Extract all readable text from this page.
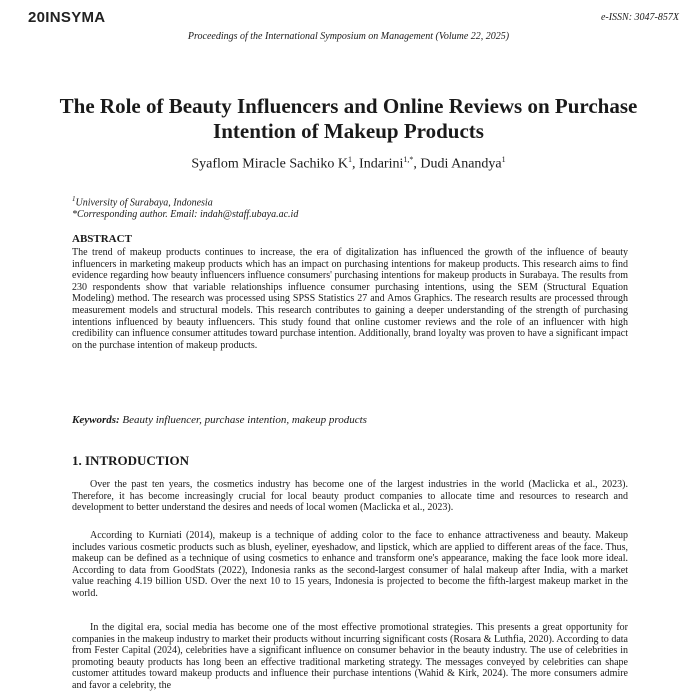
20INSYMA	e-ISSN: 3047-857X
Proceedings of the International Symposium on Management (Volume 22, 2025)
The Role of Beauty Influencers and Online Reviews on Purchase Intention of Makeup Products
Syaflom Miracle Sachiko $K^1$, Indarini$^{1,*}$, Dudi Anandya$^1$
$^1$University of Surabaya, Indonesia
*Corresponding author. Email: indah@staff.ubaya.ac.id
ABSTRACT
The trend of makeup products continues to increase, the era of digitalization has influenced the growth of the influence of beauty influencers in marketing makeup products which has an impact on purchasing intentions for makeup products. This research aims to find evidence regarding how beauty influencers influence consumers' purchasing intentions for makeup products in Surabaya. The results from 230 respondents show that variable relationships influence consumer purchasing intentions, using the SEM (Structural Equation Modeling) method. The research was processed using SPSS Statistics 27 and Amos Graphics. The research results are processed through measurement models and structural models. This research contributes to gaining a deeper understanding of the strength of purchasing intentions influenced by beauty influencers. This study found that online customer reviews and the role of an influencer with high credibility can influence consumer attitudes toward purchase intention. Additionally, brand loyalty was proven to have a significant impact on the purchase intention of makeup products.
Keywords: Beauty influencer, purchase intention, makeup products
1. INTRODUCTION
Over the past ten years, the cosmetics industry has become one of the largest industries in the world (Maclicka et al., 2023). Therefore, it has become increasingly crucial for local beauty product companies to allocate time and resources to research and development to better understand the desires and needs of local women (Maclicka et al., 2023).
According to Kurniati (2014), makeup is a technique of adding color to the face to enhance attractiveness and beauty. Makeup includes various cosmetic products such as blush, eyeliner, eyeshadow, and lipstick, which are applied to different areas of the face. Thus, makeup can be defined as a technique of using cosmetics to enhance and transform one's appearance, making the face look more ideal. According to data from GoodStats (2022), Indonesia ranks as the second-largest consumer of halal makeup after India, with a market value reaching 4.19 billion USD. Over the next 10 to 15 years, Indonesia is projected to become the fifth-largest makeup market in the world.
In the digital era, social media has become one of the most effective promotional strategies. This presents a great opportunity for companies in the makeup industry to market their products without incurring significant costs (Rosara & Luthfia, 2020). According to data from Fester Capital (2024), celebrities have a significant influence on consumer behavior in the beauty industry. The use of celebrities in promoting beauty products has long been an effective traditional marketing strategy. The messages conveyed by celebrities can shape customer attitudes toward makeup products and influence their purchase intentions (Wahid & Kirk, 2024). The more consumers admire and favor a celebrity, the
